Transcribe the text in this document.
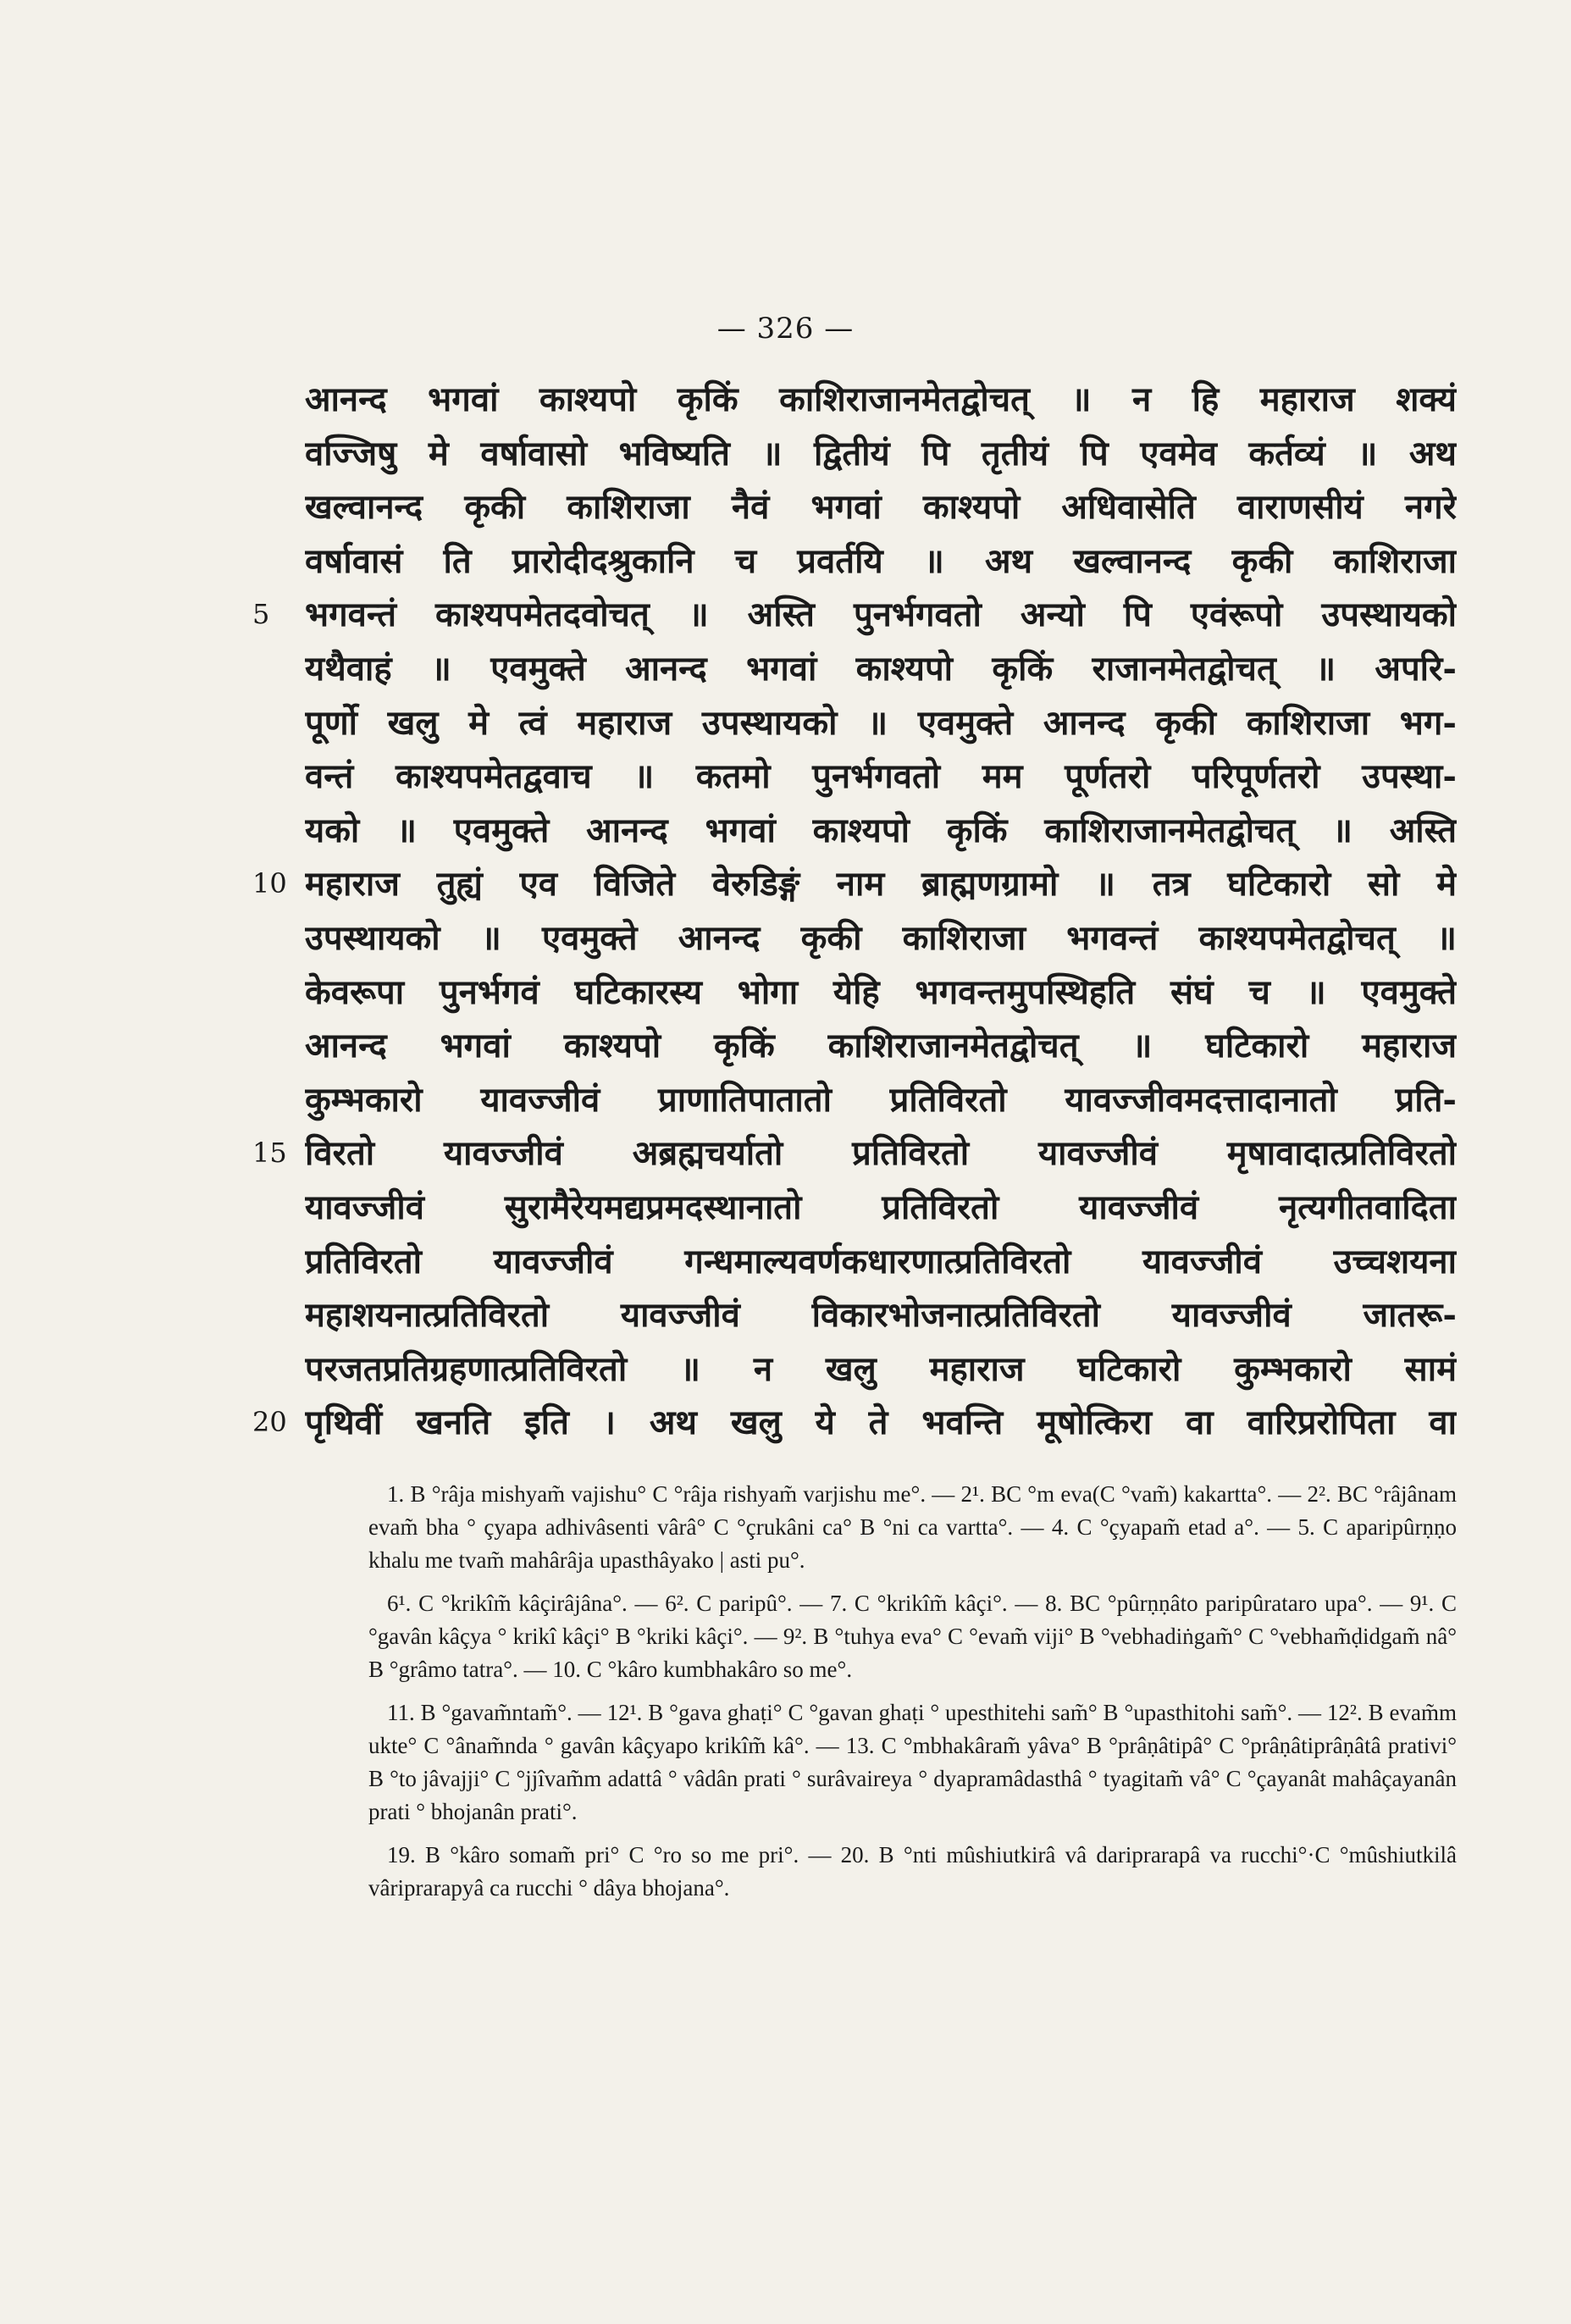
— 326 —
आनन्द भगवां काश्यपो कृकिं काशिराजानमेतद्वोचत् ॥ न हि महाराज शक्यं
वज्जिषु मे वर्षावासो भविष्यति ॥ द्वितीयं पि तृतीयं पि एवमेव कर्तव्यं ॥ अथ
खल्वानन्द कृकी काशिराजा नैवं भगवां काश्यपो अधिवासेति वाराणसीयं नगरे
वर्षावासं ति प्रारोदीदश्रुकानि च प्रवर्तयि ॥ अथ खल्वानन्द कृकी काशिराजा
5	भगवन्तं काश्यपमेतदवोचत् ॥ अस्ति पुनर्भगवतो अन्यो पि एवंरूपो उपस्थायको
यथैवाहं ॥ एवमुक्ते आनन्द भगवां काश्यपो कृकिं राजानमेतद्वोचत् ॥ अपरि-
पूर्णो खलु मे त्वं महाराज उपस्थायको ॥ एवमुक्ते आनन्द कृकी काशिराजा भग-
वन्तं काश्यपमेतद्ववाच ॥ कतमो पुनर्भगवतो मम पूर्णतरो परिपूर्णतरो उपस्था-
यको ॥ एवमुक्ते आनन्द भगवां काश्यपो कृकिं काशिराजानमेतद्वोचत् ॥ अस्ति
10 महाराज तुह्यं एव विजिते वेरुडिङ्गं नाम ब्राह्मणग्रामो ॥ तत्र घटिकारो सो मे
उपस्थायको ॥ एवमुक्ते आनन्द कृकी काशिराजा भगवन्तं काश्यपमेतद्वोचत् ॥
केवरूपा पुनर्भगवं घटिकारस्य भोगा येहि भगवन्तमुपस्थिहति संघं च ॥ एवमुक्ते
आनन्द भगवां काश्यपो कृकिं काशिराजानमेतद्वोचत् ॥ घटिकारो महाराज
कुम्भकारो यावज्जीवं प्राणातिपातातो प्रतिविरतो यावज्जीवमदत्तादानातो प्रति-
15 विरतो यावज्जीवं अब्रह्मचर्यातो प्रतिविरतो यावज्जीवं मृषावादात्प्रतिविरतो
यावज्जीवं सुरामैरेयमद्यप्रमदस्थानातो प्रतिविरतो यावज्जीवं नृत्यगीतवादिता
प्रतिविरतो यावज्जीवं गन्धमाल्यवर्णकधारणात्प्रतिविरतो यावज्जीवं उच्चशयना
महाशयनात्प्रतिविरतो यावज्जीवं विकारभोजनात्प्रतिविरतो यावज्जीवं जातरू-
परजतप्रतिग्रहणात्प्रतिविरतो ॥ न खलु महाराज घटिकारो कुम्भकारो सामं
20 पृथिवीं खनति इति । अथ खलु ये ते भवन्ति मूषोत्किरा वा वारिप्ररोपिता वा

1. B °râja mishyam̃ vajishu° C °râja rishyam̃ varjishu me°. — 2¹. BC °m eva(C °vam̃) kakartta°. — 2². BC °râjânam evam̃ bha ° çyapa adhivâsenti vârâ° C °çrukâni ca° B °ni ca vartta°. — 4. C °çyapam̃ etad a°. — 5. C aparipûrṇṇo khalu me tvam̃ mahârâja upasthâyako | asti pu°.

6¹. C °krikîm̃ kâçirâjâna°. — 6². C paripû°. — 7. C °krikîm̃ kâçi°. — 8. BC °pûrṇṇâto paripûrataro upa°. — 9¹. C °gavân kâçya ° krikî kâçi° B °kriki kâçi°. — 9². B °tuhya eva° C °evam̃ viji° B °vebhadiṅgam̃° C °vebham̃ḍidgam̃ nâ° B °grâmo tatra°. — 10. C °kâro kumbhakâro so me°.

11. B °gavam̃ntam̃°. — 12¹. B °gava ghaṭi° C °gavan ghaṭi ° upesthitehi sam̃° B °upasthitohi sam̃°. — 12². B evam̃m ukte° C °ânam̃nda ° gavân kâçyapo krikîm̃ kâ°. — 13. C °mbhakâram̃ yâva° B °prâṇâtipâ° C °prâṇâtiprâṇâtâ prativi° B °to jâvajji° C °jjîvam̃m adattâ ° vâdân prati ° surâvaireya ° dyapramâdasthâ ° tyagitam̃ vâ° C °çayanât mahâçayanân prati ° bhojanân prati°.

19. B °kâro somam̃ pri° C °ro so me pri°. — 20. B °nti mûshiutkirâ vâ dariprarapâ va rucchi°·C °mûshiutkilâ vâriprarapyâ ca rucchi ° dâya bhojana°.
